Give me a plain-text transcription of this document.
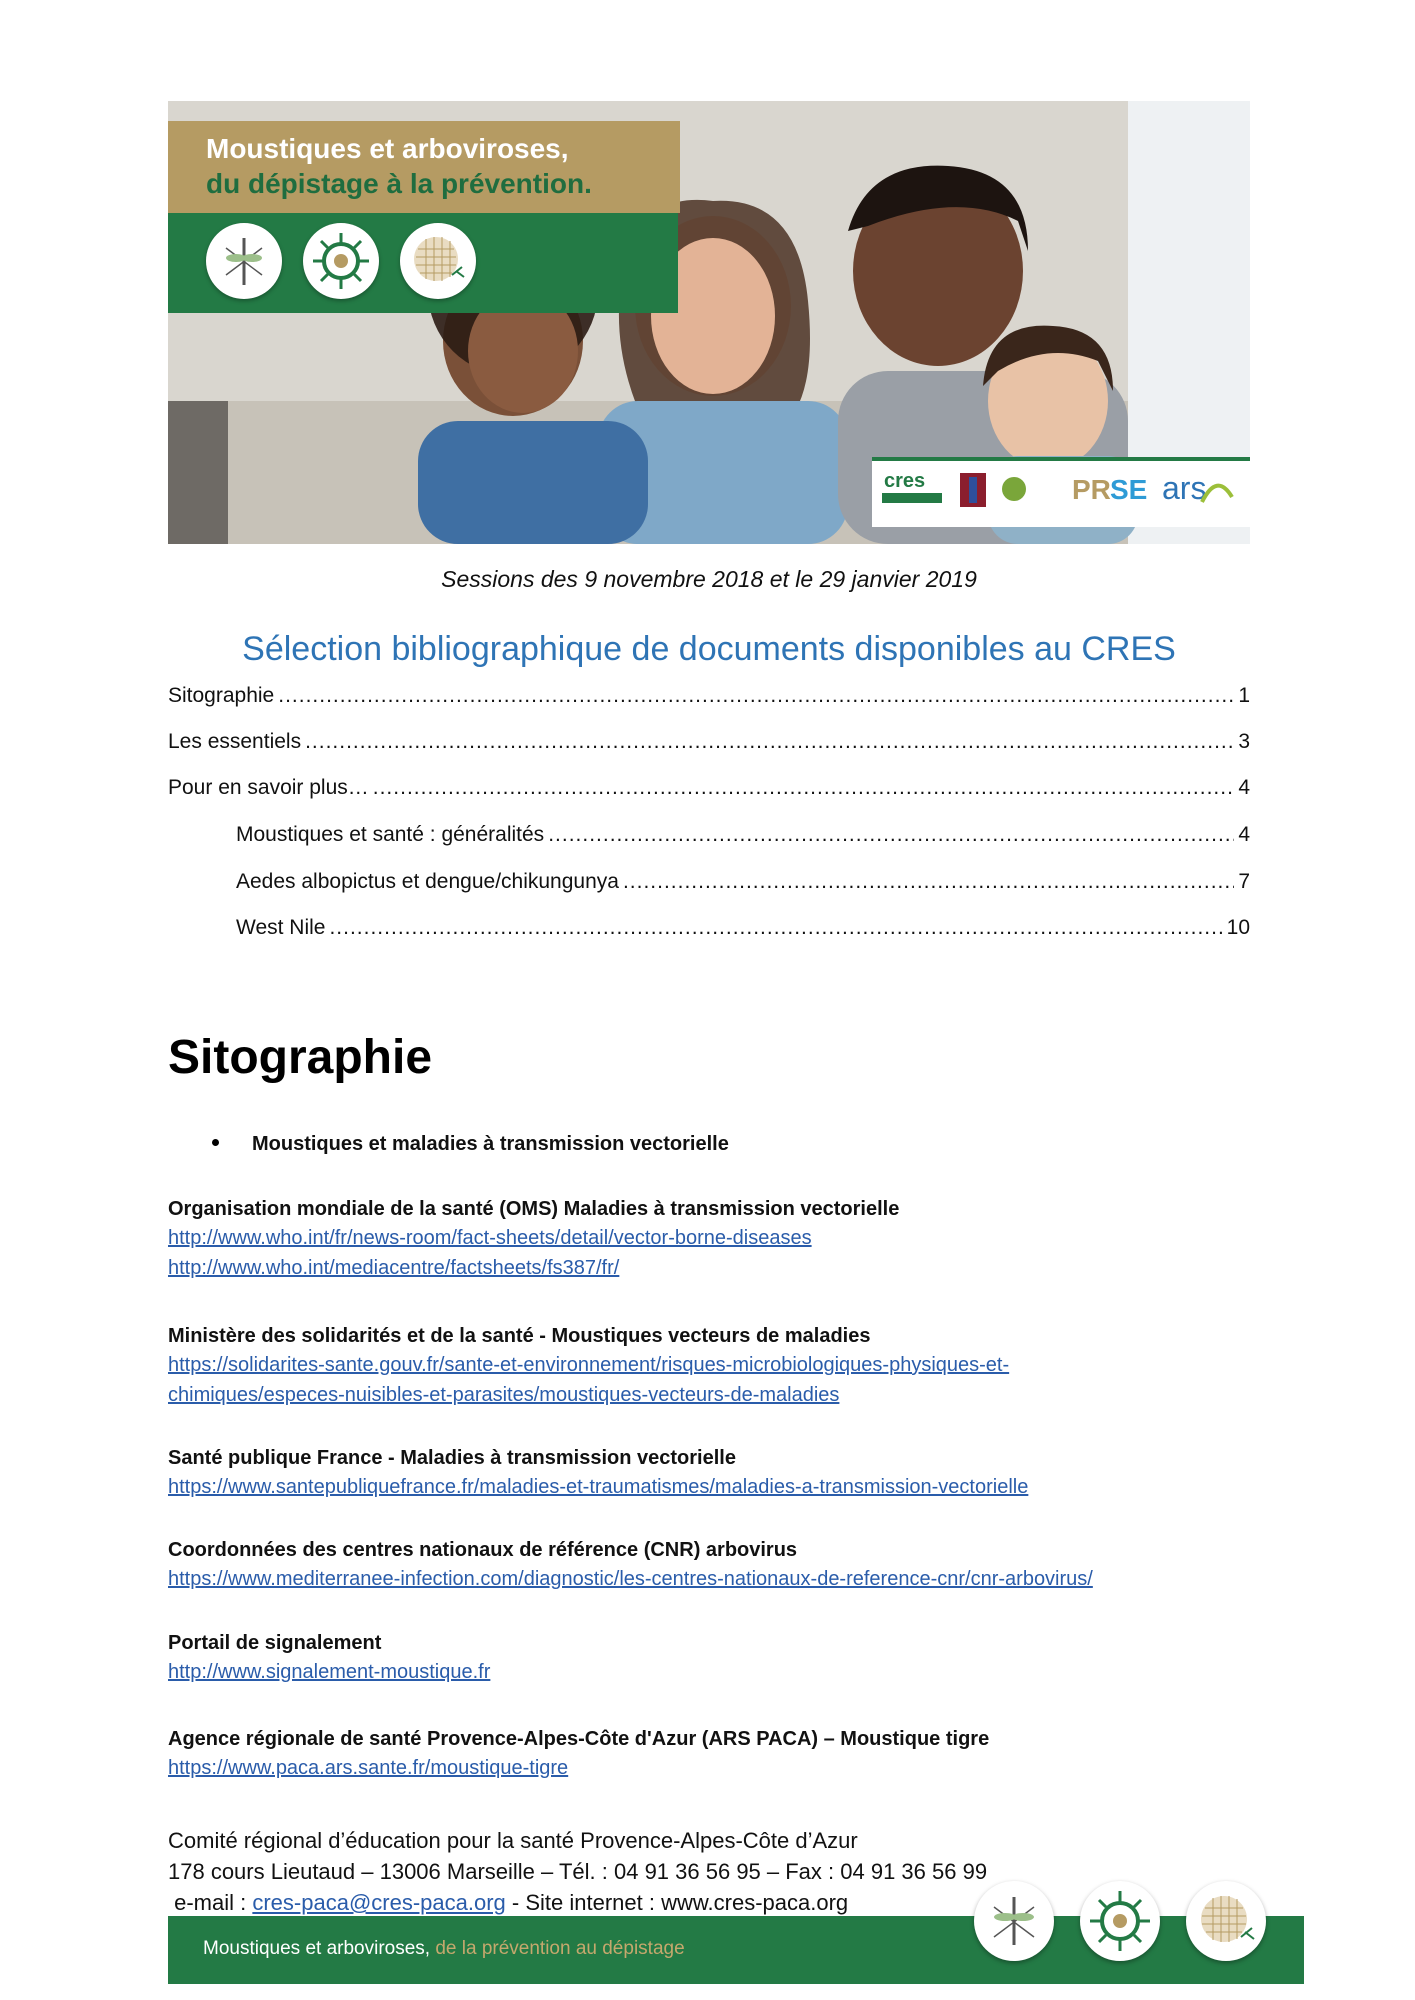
Moustiques et arboviroses,
du dépistage à la prévention.
cres	PR SE ars
Sessions des 9 novembre 2018 et le 29 janvier 2019
Sélection bibliographique de documents disponibles au CRES
Sitographie .....	1
Les essentiels .....	3
Pour en savoir plus… .....	4
Moustiques et santé : généralités .....	4
Aedes albopictus et dengue/chikungunya .....	7
West Nile .....	10
Sitographie
Moustiques et maladies à transmission vectorielle
Organisation mondiale de la santé (OMS) Maladies à transmission vectorielle
http://www.who.int/fr/news-room/fact-sheets/detail/vector-borne-diseases
http://www.who.int/mediacentre/factsheets/fs387/fr/
Ministère des solidarités et de la santé - Moustiques vecteurs de maladies
https://solidarites-sante.gouv.fr/sante-et-environnement/risques-microbiologiques-physiques-et-
chimiques/especes-nuisibles-et-parasites/moustiques-vecteurs-de-maladies
Santé publique France - Maladies à transmission vectorielle
https://www.santepubliquefrance.fr/maladies-et-traumatismes/maladies-a-transmission-vectorielle
Coordonnées des centres nationaux de référence (CNR) arbovirus
https://www.mediterranee-infection.com/diagnostic/les-centres-nationaux-de-reference-cnr/cnr-arbovirus/
Portail de signalement
http://www.signalement-moustique.fr
Agence régionale de santé Provence-Alpes-Côte d'Azur (ARS PACA) – Moustique tigre
https://www.paca.ars.sante.fr/moustique-tigre
Comité régional d’éducation pour la santé Provence-Alpes-Côte d’Azur
178 cours Lieutaud – 13006 Marseille – Tél. : 04 91 36 56 95 – Fax : 04 91 36 56 99
e-mail : cres-paca@cres-paca.org - Site internet : www.cres-paca.org
Moustiques et arboviroses, de la prévention au dépistage
